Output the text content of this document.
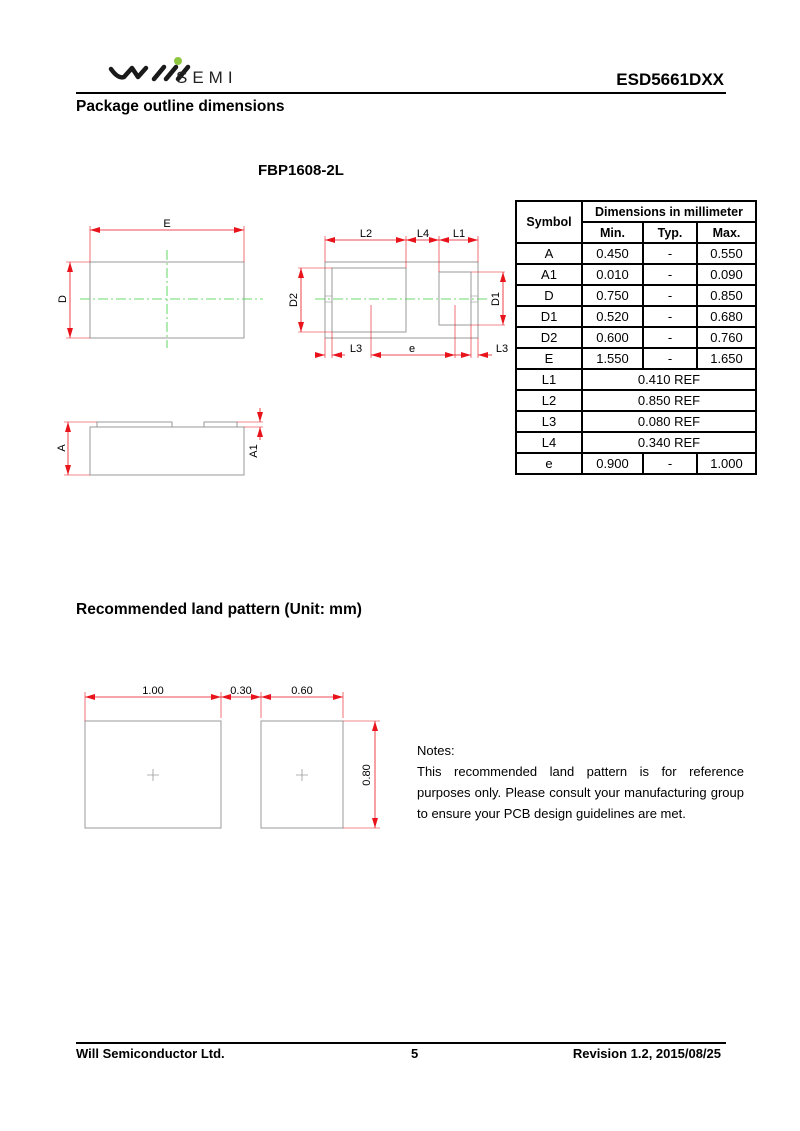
SEMI	ESD5661DXX
Package outline dimensions
FBP1608-2L
E
D
L2	L4 L1
D2	D1
L3	e	L3
A	A1
1.00	0.30	0.60
0.80
Symbol	Dimensions in millimeter		
	Min.	Typ.	Max.
A	0.450	-	0.550
A1	0.010	-	0.090
D	0.750	-	0.850
D1	0.520	-	0.680
D2	0.600	-	0.760
E	1.550	-	1.650
L1	0.410 REF		
L2	0.850 REF		
L3	0.080 REF		
L4	0.340 REF		
e	0.900	-	1.000
Recommended land pattern (Unit: mm)

Notes:

This recommended land pattern is for reference purposes only. Please consult your manufacturing group to ensure your PCB design guidelines are met.

Will Semiconductor Ltd.	5	Revision 1.2, 2015/08/25
